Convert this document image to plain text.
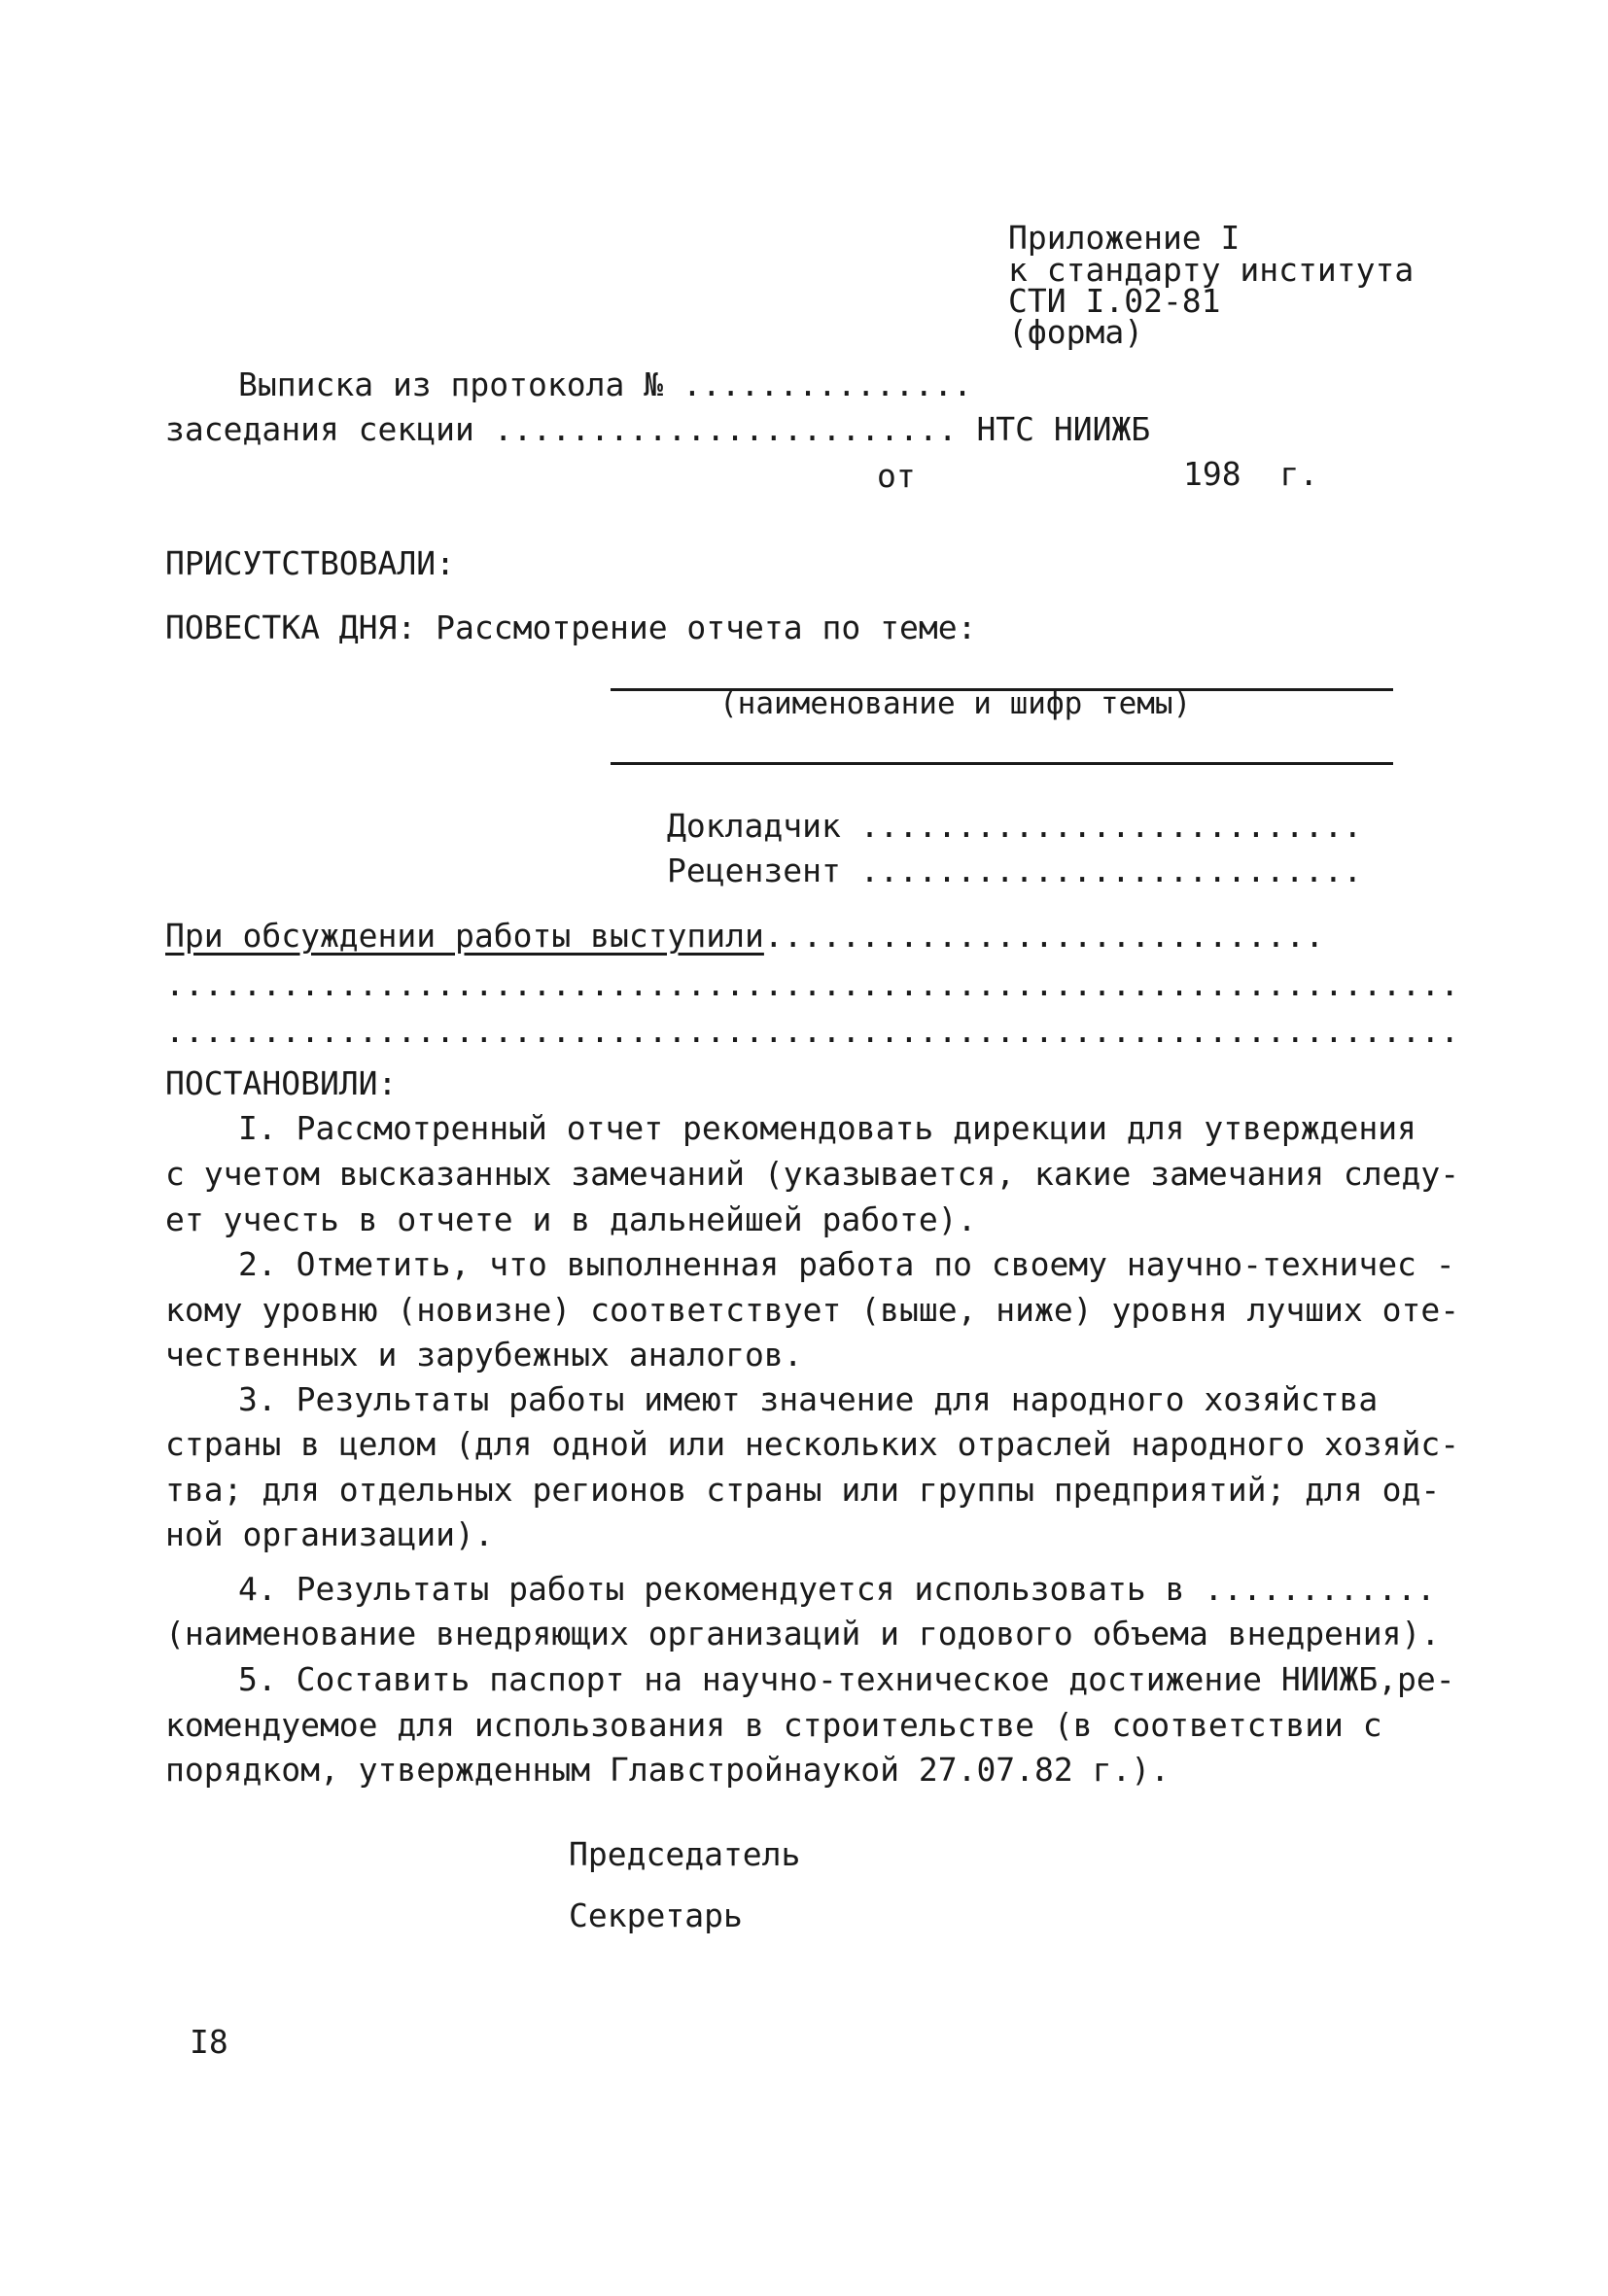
Приложение I
к стандарту института
СТИ I.02-81
(форма)
Выписка из протокола № ...............
заседания секции ........................ НТС НИИЖБ
от	198  г.
ПРИСУТСТВОВАЛИ:
ПОВЕСТКА ДНЯ: Рассмотрение отчета по теме:
(наименование и шифр темы)
Докладчик ..........................
Рецензент ..........................
При обсуждении работы выступили.............................
...................................................................
...................................................................
ПОСТАНОВИЛИ:
I. Рассмотренный отчет рекомендовать дирекции для утверждения
с учетом высказанных замечаний (указывается, какие замечания следу-
ет учесть в отчете и в дальнейшей работе).
2. Отметить, что выполненная работа по своему научно-техничес -
кому уровню (новизне) соответствует (выше, ниже) уровня лучших оте-
чественных и зарубежных аналогов.
3. Результаты работы имеют значение для народного хозяйства
страны в целом (для одной или нескольких отраслей народного хозяйс-
тва; для отдельных регионов страны или группы предприятий; для од-
ной организации).
4. Результаты работы рекомендуется использовать в ............
(наименование внедряющих организаций и годового объема внедрения).
5. Составить паспорт на научно-техническое достижение НИИЖБ,ре-
комендуемое для использования в строительстве (в соответствии с
порядком, утвержденным Главстройнаукой 27.07.82 г.).
Председатель
Секретарь
I8
